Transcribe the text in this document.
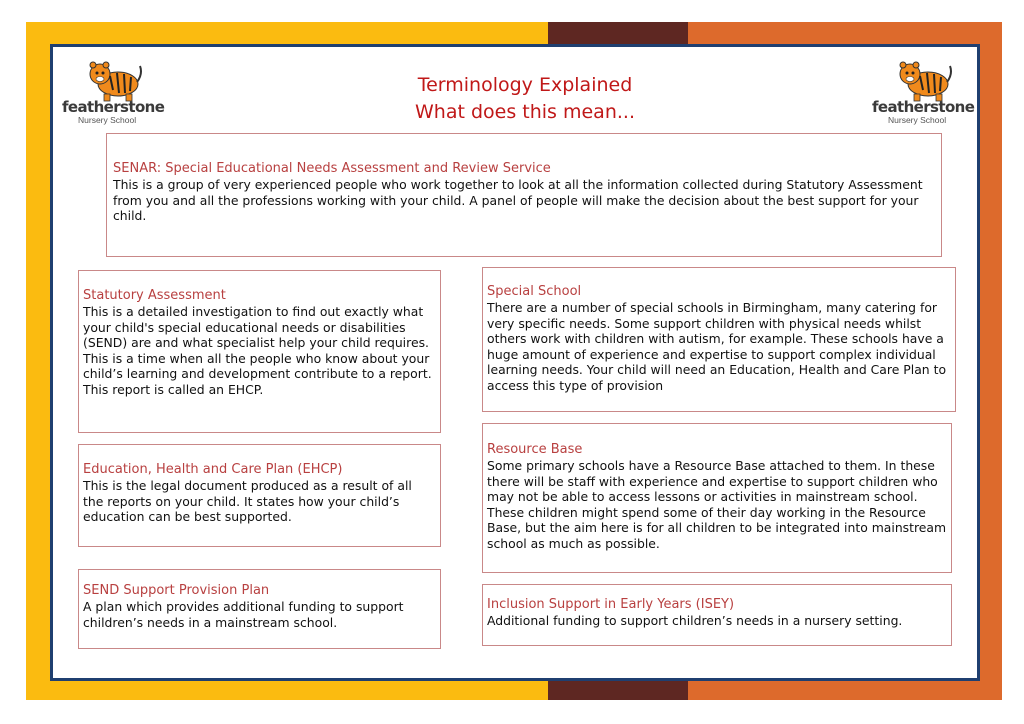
featherstone
Nursery School
featherstone
Nursery School
Terminology Explained
What does this mean...
SENAR: Special Educational Needs Assessment and Review Service
This is a group of very experienced people who work together to look at all the information collected during Statutory Assessment from you and all the professions working with your child. A panel of people will make the decision about the best support for your child.
Statutory Assessment
This is a detailed investigation to find out exactly what your child's special educational needs or disabilities (SEND) are and what specialist help your child requires. This is a time when all the people who know about your child’s learning and development contribute to a report. This report is called an EHCP.
Education, Health and Care Plan (EHCP)
This is the legal document produced as a result of all the reports on your child. It states how your child’s education can be best supported.
SEND Support Provision Plan
A plan which provides additional funding to support children’s needs in a mainstream school.
Special School
There are a number of special schools in Birmingham, many catering for very specific needs. Some support children with physical needs whilst others work with children with autism, for example. These schools have a huge amount of experience and expertise to support complex individual learning needs. Your child will need an Education, Health and Care Plan to access this type of provision
Resource Base
Some primary schools have a Resource Base attached to them. In these there will be staff with experience and expertise to support children who may not be able to access lessons or activities in mainstream school. These children might spend some of their day working in the Resource Base, but the aim here is for all children to be integrated into mainstream school as much as possible.
Inclusion Support in Early Years (ISEY)
Additional funding to support children’s needs in a nursery setting.
